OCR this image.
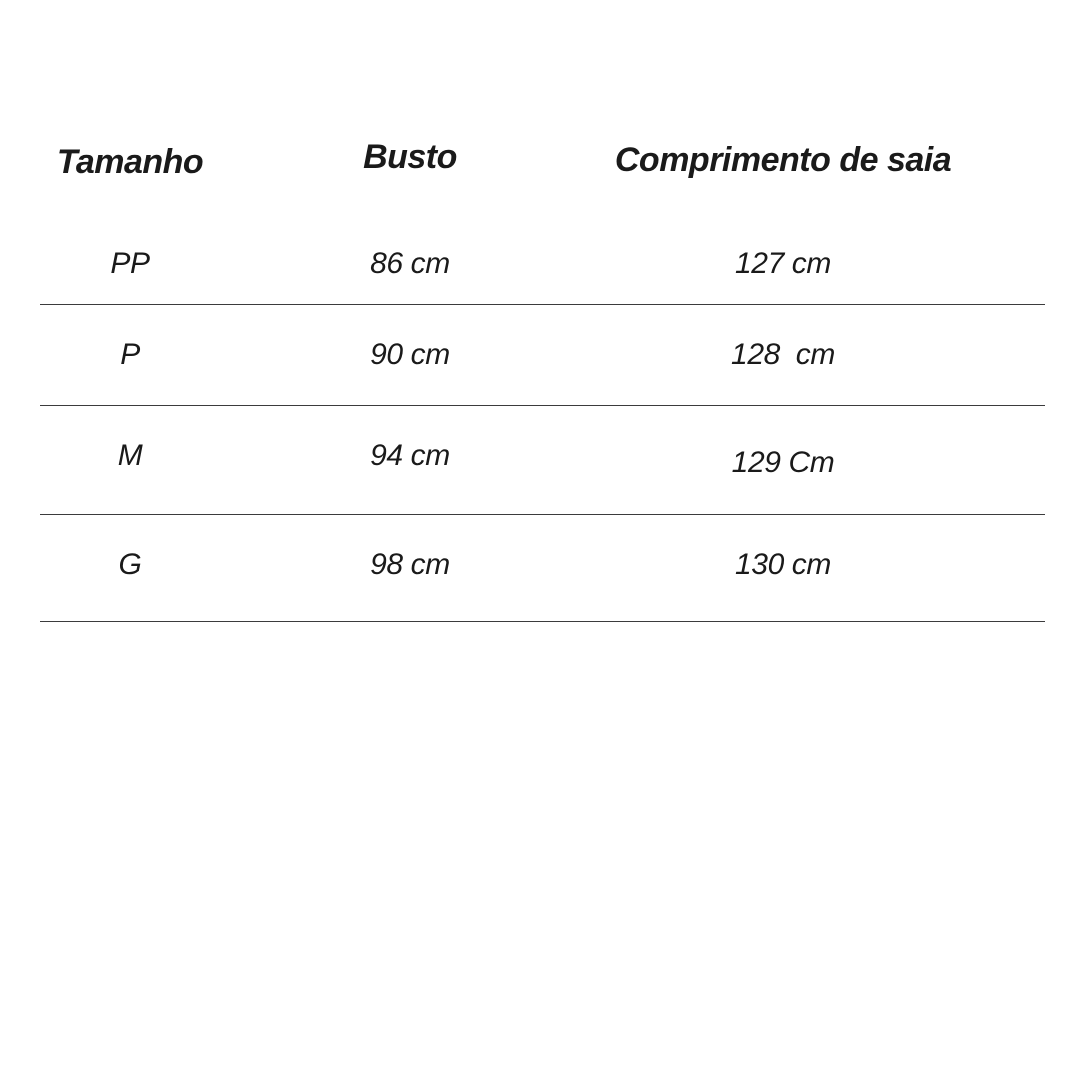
Tamanho	Busto	Comprimento de saia
PP	86 cm	127 cm
P	90 cm	128  cm
M	94 cm	129 Cm
G	98 cm	130 cm
